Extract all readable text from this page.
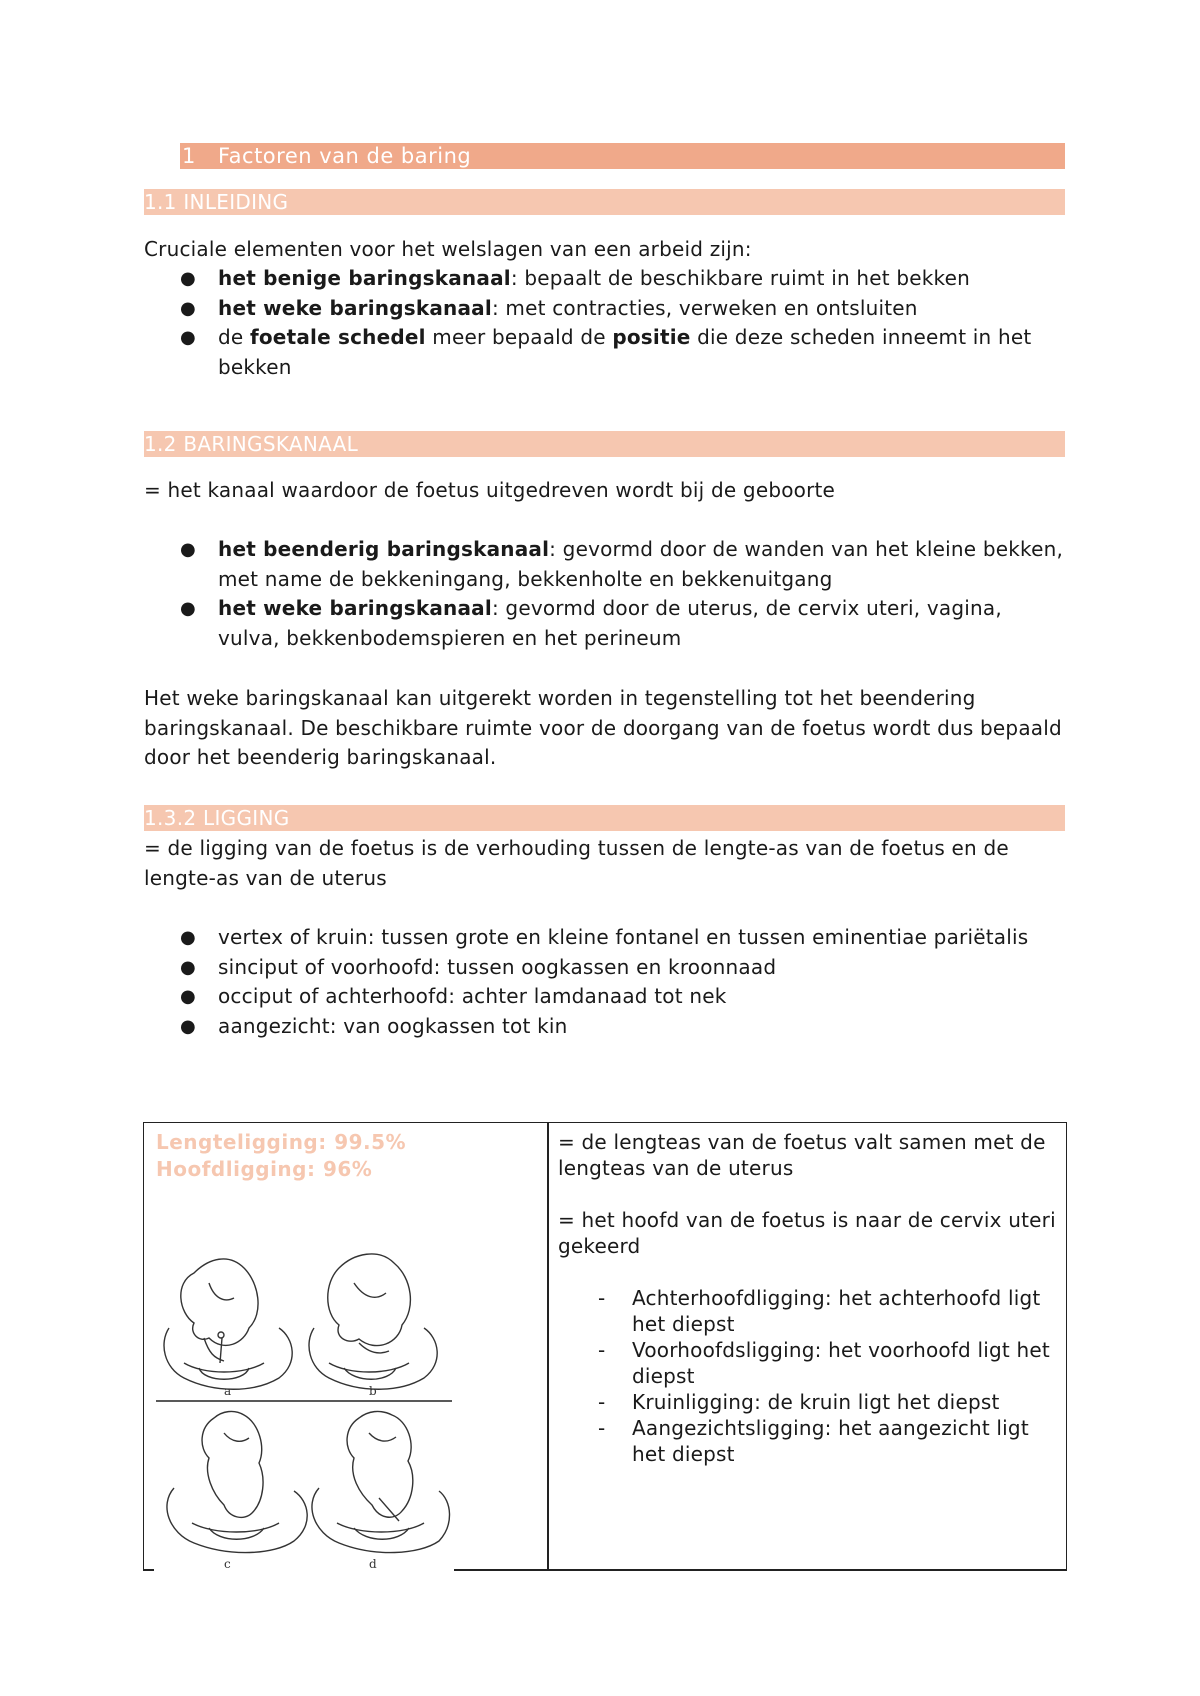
1 Factoren van de baring
1.1 INLEIDING

Cruciale elementen voor het welslagen van een arbeid zijn:

● het benige baringskanaal: bepaalt de beschikbare ruimt in het bekken
● het weke baringskanaal: met contracties, verweken en ontsluiten
● de foetale schedel meer bepaald de positie die deze scheden inneemt in het bekken
1.2 BARINGSKANAAL

= het kanaal waardoor de foetus uitgedreven wordt bij de geboorte

● het beenderig baringskanaal: gevormd door de wanden van het kleine bekken, met name de bekkeningang, bekkenholte en bekkenuitgang
● het weke baringskanaal: gevormd door de uterus, de cervix uteri, vagina, vulva, bekkenbodemspieren en het perineum

Het weke baringskanaal kan uitgerekt worden in tegenstelling tot het beendering baringskanaal. De beschikbare ruimte voor de doorgang van de foetus wordt dus bepaald door het beenderig baringskanaal.

1.3.2 LIGGING

= de ligging van de foetus is de verhouding tussen de lengte-as van de foetus en de lengte-as van de uterus

● vertex of kruin: tussen grote en kleine fontanel en tussen eminentiae pariëtalis
● sinciput of voorhoofd: tussen oogkassen en kroonnaad
● occiput of achterhoofd: achter lamdanaad tot nek
● aangezicht: van oogkassen tot kin
Lengteligging: 99.5%
Hoofdligging: 96%
a	b
c	d

= de lengteas van de foetus valt samen met de lengteas van de uterus

= het hoofd van de foetus is naar de cervix uteri gekeerd

- Achterhoofdligging: het achterhoofd ligt het diepst
- Voorhoofdsligging: het voorhoofd ligt het diepst
- Kruinligging: de kruin ligt het diepst
- Aangezichtsligging: het aangezicht ligt het diepst
